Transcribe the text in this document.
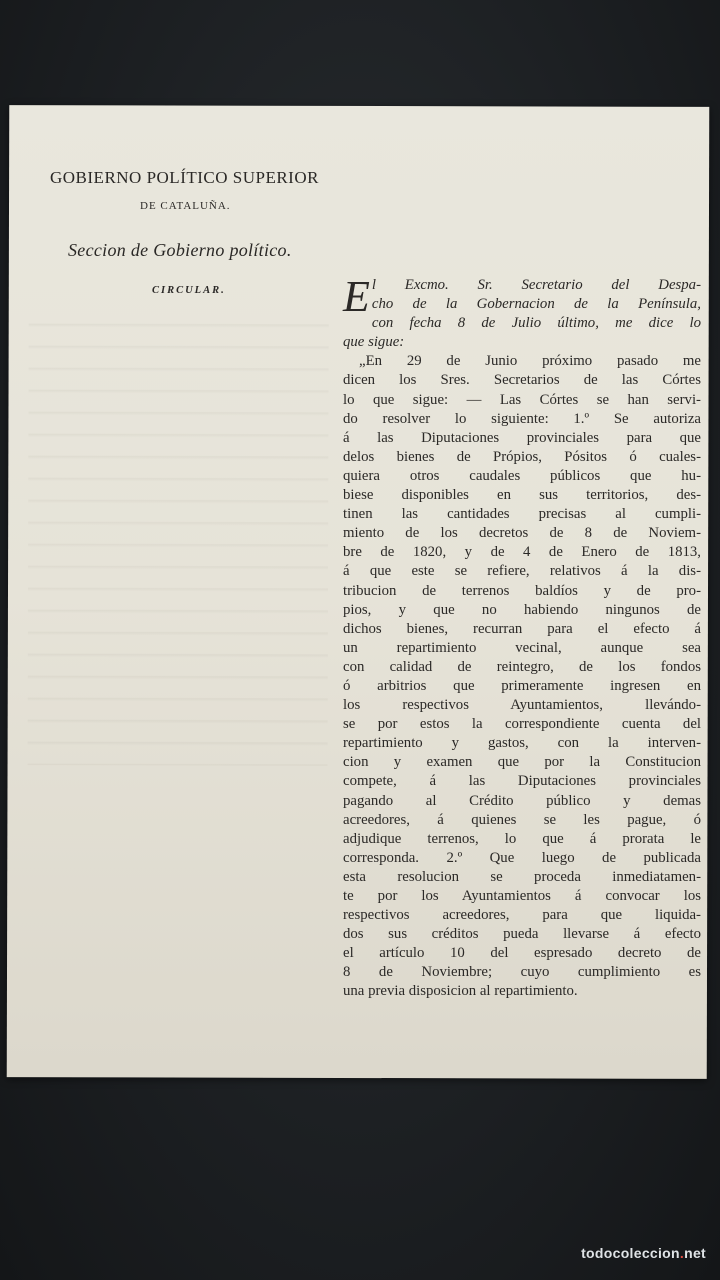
GOBIERNO POLÍTICO SUPERIOR
DE CATALUÑA.
Seccion de Gobierno político.
CIRCULAR.	E l Excmo. Sr. Secretario del Despa-
cho de la Gobernacion de la Península,
con fecha 8 de Julio último, me dice lo
que sigue:
„En 29 de Junio próximo pasado me
dicen los Sres. Secretarios de las Córtes
lo que sigue: — Las Córtes se han servi-
do resolver lo siguiente: 1.º Se autoriza
á las Diputaciones provinciales para que
delos bienes de Própios, Pósitos ó cuales-
quiera otros caudales públicos que hu-
biese disponibles en sus territorios, des-
tinen las cantidades precisas al cumpli-
miento de los decretos de 8 de Noviem-
bre de 1820, y de 4 de Enero de 1813,
á que este se refiere, relativos á la dis-
tribucion de terrenos baldíos y de pro-
pios, y que no habiendo ningunos de
dichos bienes, recurran para el efecto á
un repartimiento vecinal, aunque sea
con calidad de reintegro, de los fondos
ó arbitrios que primeramente ingresen en
los respectivos Ayuntamientos, llevándo-
se por estos la correspondiente cuenta del
repartimiento y gastos, con la interven-
cion y examen que por la Constitucion
compete, á las Diputaciones provinciales
pagando al Crédito público y demas
acreedores, á quienes se les pague, ó
adjudique terrenos, lo que á prorata le
corresponda. 2.º Que luego de publicada
esta resolucion se proceda inmediatamen-
te por los Ayuntamientos á convocar los
respectivos acreedores, para que liquida-
dos sus créditos pueda llevarse á efecto
el artículo 10 del espresado decreto de
8 de Noviembre; cuyo cumplimiento es
una previa disposicion al repartimiento.
todocoleccion.net
